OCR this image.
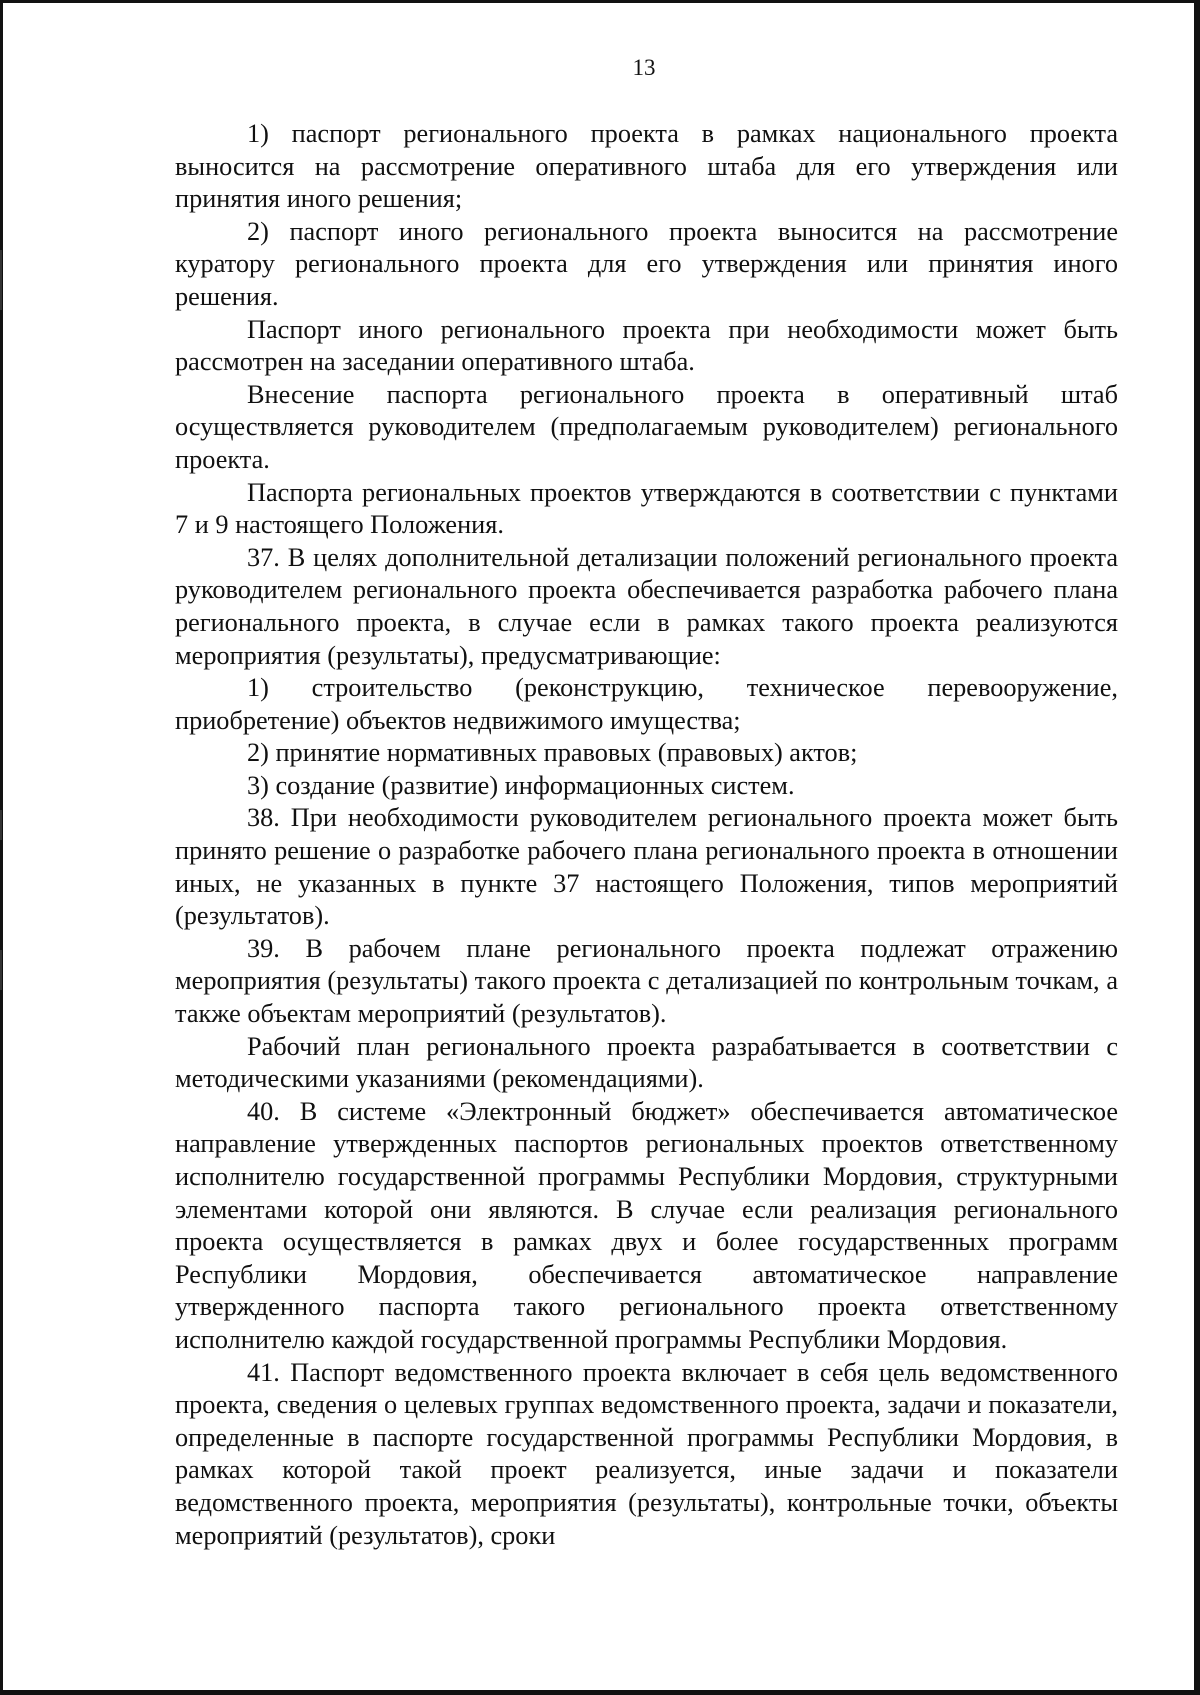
13

1) паспорт регионального проекта в рамках национального проекта выносится на рассмотрение оперативного штаба для его утверждения или принятия иного решения;

2) паспорт иного регионального проекта выносится на рассмотрение куратору регионального проекта для его утверждения или принятия иного решения.

Паспорт иного регионального проекта при необходимости может быть рассмотрен на заседании оперативного штаба.

Внесение паспорта регионального проекта в оперативный штаб осуществляется руководителем (предполагаемым руководителем) регионального проекта.

Паспорта региональных проектов утверждаются в соответствии с пунктами 7 и 9 настоящего Положения.

37. В целях дополнительной детализации положений регионального проекта руководителем регионального проекта обеспечивается разработка рабочего плана регионального проекта, в случае если в рамках такого проекта реализуются мероприятия (результаты), предусматривающие:

1) строительство (реконструкцию, техническое перевооружение, приобретение) объектов недвижимого имущества;

2) принятие нормативных правовых (правовых) актов;

3) создание (развитие) информационных систем.

38. При необходимости руководителем регионального проекта может быть принято решение о разработке рабочего плана регионального проекта в отношении иных, не указанных в пункте 37 настоящего Положения, типов мероприятий (результатов).

39. В рабочем плане регионального проекта подлежат отражению мероприятия (результаты) такого проекта с детализацией по контрольным точкам, а также объектам мероприятий (результатов).

Рабочий план регионального проекта разрабатывается в соответствии с методическими указаниями (рекомендациями).

40. В системе «Электронный бюджет» обеспечивается автоматическое направление утвержденных паспортов региональных проектов ответственному исполнителю государственной программы Республики Мордовия, структурными элементами которой они являются. В случае если реализация регионального проекта осуществляется в рамках двух и более государственных программ Республики Мордовия, обеспечивается автоматическое направление утвержденного паспорта такого регионального проекта ответственному исполнителю каждой государственной программы Республики Мордовия.

41. Паспорт ведомственного проекта включает в себя цель ведомственного проекта, сведения о целевых группах ведомственного проекта, задачи и показатели, определенные в паспорте государственной программы Республики Мордовия, в рамках которой такой проект реализуется, иные задачи и показатели ведомственного проекта, мероприятия (результаты), контрольные точки, объекты мероприятий (результатов), сроки
